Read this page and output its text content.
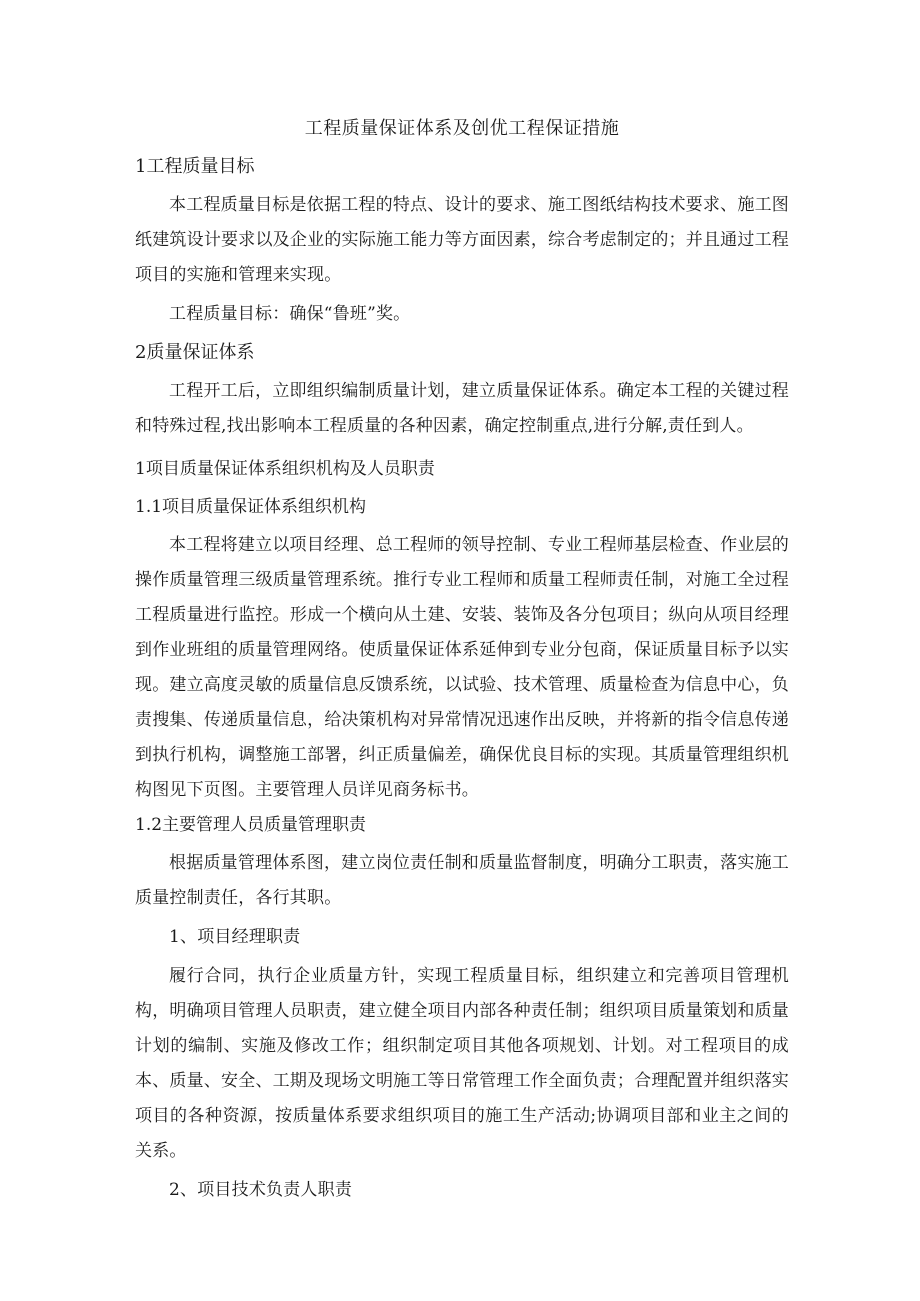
工程质量保证体系及创优工程保证措施
1工程质量目标

本工程质量目标是依据工程的特点、设计的要求、施工图纸结构技术要求、施工图纸建筑设计要求以及企业的实际施工能力等方面因素，综合考虑制定的；并且通过工程项目的实施和管理来实现。

工程质量目标：确保“鲁班”奖。

2质量保证体系

工程开工后，立即组织编制质量计划，建立质量保证体系。确定本工程的关键过程和特殊过程,找出影响本工程质量的各种因素，确定控制重点,进行分解,责任到人。

1项目质量保证体系组织机构及人员职责
1.1项目质量保证体系组织机构

本工程将建立以项目经理、总工程师的领导控制、专业工程师基层检查、作业层的操作质量管理三级质量管理系统。推行专业工程师和质量工程师责任制，对施工全过程工程质量进行监控。形成一个横向从土建、安装、装饰及各分包项目；纵向从项目经理到作业班组的质量管理网络。使质量保证体系延伸到专业分包商，保证质量目标予以实现。建立高度灵敏的质量信息反馈系统，以试验、技术管理、质量检查为信息中心，负责搜集、传递质量信息，给决策机构对异常情况迅速作出反映，并将新的指令信息传递到执行机构，调整施工部署，纠正质量偏差，确保优良目标的实现。其质量管理组织机构图见下页图。主要管理人员详见商务标书。

1.2主要管理人员质量管理职责

根据质量管理体系图，建立岗位责任制和质量监督制度，明确分工职责，落实施工质量控制责任，各行其职。

1、项目经理职责

履行合同，执行企业质量方针，实现工程质量目标，组织建立和完善项目管理机构，明确项目管理人员职责，建立健全项目内部各种责任制；组织项目质量策划和质量计划的编制、实施及修改工作；组织制定项目其他各项规划、计划。对工程项目的成本、质量、安全、工期及现场文明施工等日常管理工作全面负责；合理配置并组织落实项目的各种资源，按质量体系要求组织项目的施工生产活动;协调项目部和业主之间的关系。

2、项目技术负责人职责
